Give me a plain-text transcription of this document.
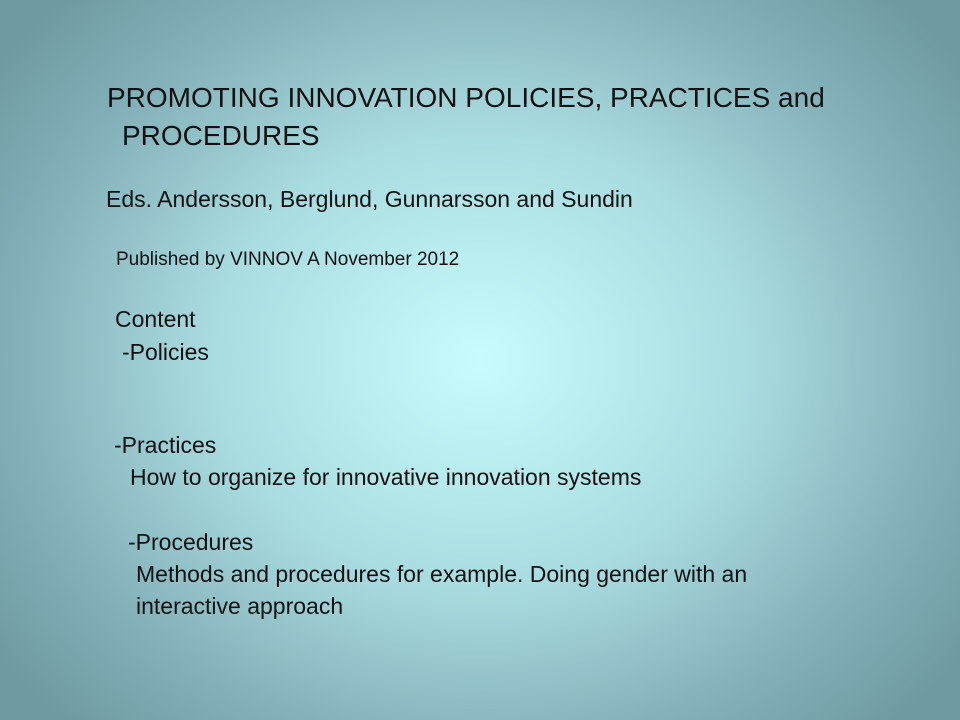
PROMOTING INNOVATION POLICIES, PRACTICES and
PROCEDURES

Eds. Andersson, Berglund, Gunnarsson and Sundin

Published by VINNOV A November 2012

Content

-Policies

-Practices

How to organize for innovative innovation systems

-Procedures

Methods and procedures for example. Doing gender with an

interactive approach
